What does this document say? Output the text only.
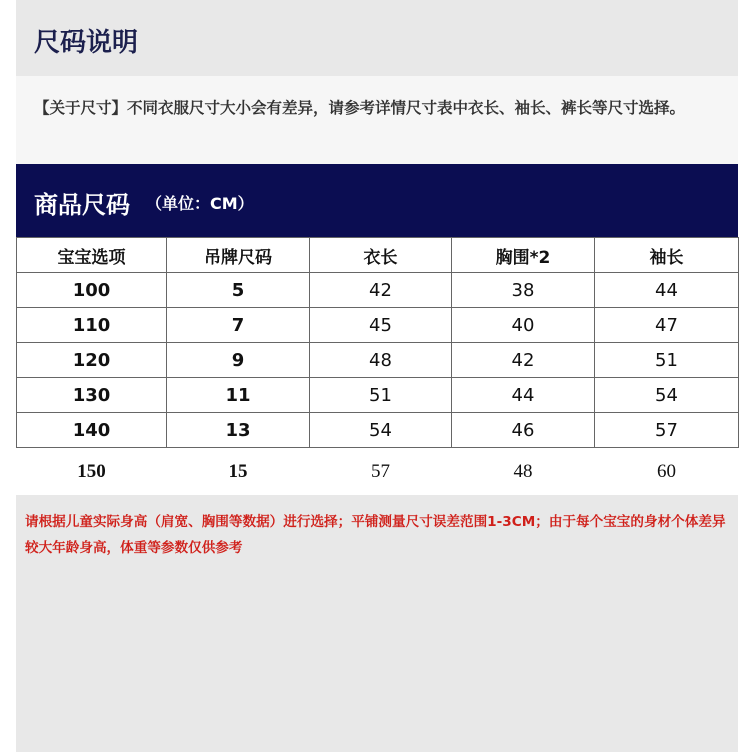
尺码说明

【关于尺寸】不同衣服尺寸大小会有差异，请参考详情尺寸表中衣长、袖长、裤长等尺寸选择。

商品尺码 （单位：CM）
宝宝选项	吊牌尺码	衣长	胸围*2	袖长
100	5	42	38	44
110	7	45	40	47
120	9	48	42	51
130	11	51	44	54
140	13	54	46	57
150	15	57	48	60

请根据儿童实际身高（肩宽、胸围等数据）进行选择；平铺测量尺寸误差范围1-3CM；由于每个宝宝的身材个体差异较大年龄身高，体重等参数仅供参考
